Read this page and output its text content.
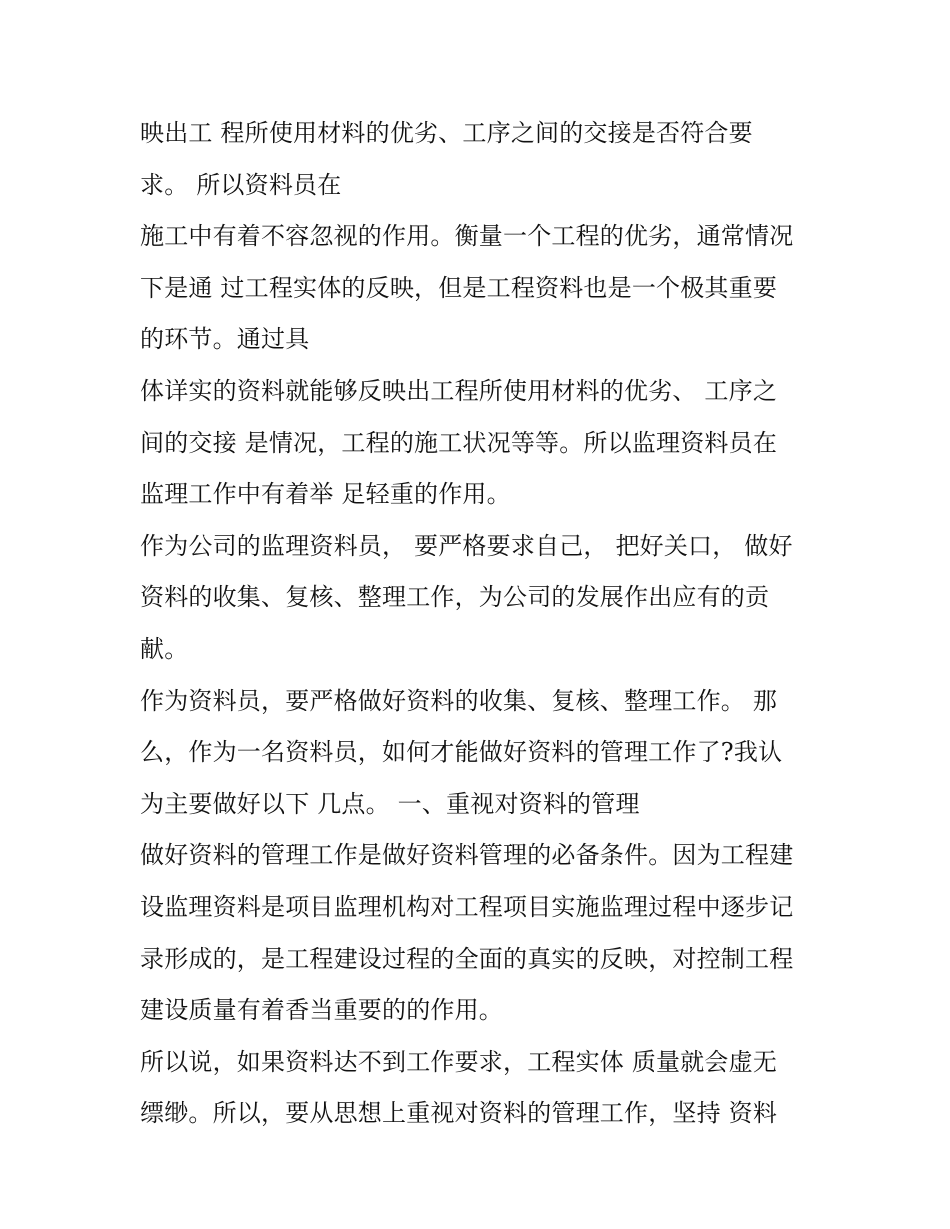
映出工 程所使用材料的优劣、工序之间的交接是否符合要
求。 所以资料员在
施工中有着不容忽视的作用。衡量一个工程的优劣，通常情况
下是通 过工程实体的反映，但是工程资料也是一个极其重要
的环节。通过具
体详实的资料就能够反映出工程所使用材料的优劣、 工序之
间的交接 是情况，工程的施工状况等等。所以监理资料员在
监理工作中有着举 足轻重的作用。
作为公司的监理资料员， 要严格要求自己， 把好关口， 做好
资料的收集、复核、整理工作，为公司的发展作出应有的贡
献。
作为资料员，要严格做好资料的收集、复核、整理工作。 那
么，作为一名资料员，如何才能做好资料的管理工作了?我认
为主要做好以下 几点。 一、重视对资料的管理
做好资料的管理工作是做好资料管理的必备条件。因为工程建
设监理资料是项目监理机构对工程项目实施监理过程中逐步记
录形成的，是工程建设过程的全面的真实的反映，对控制工程
建设质量有着香当重要的的作用。
所以说，如果资料达不到工作要求，工程实体 质量就会虚无
缥缈。所以，要从思想上重视对资料的管理工作，坚持 资料
